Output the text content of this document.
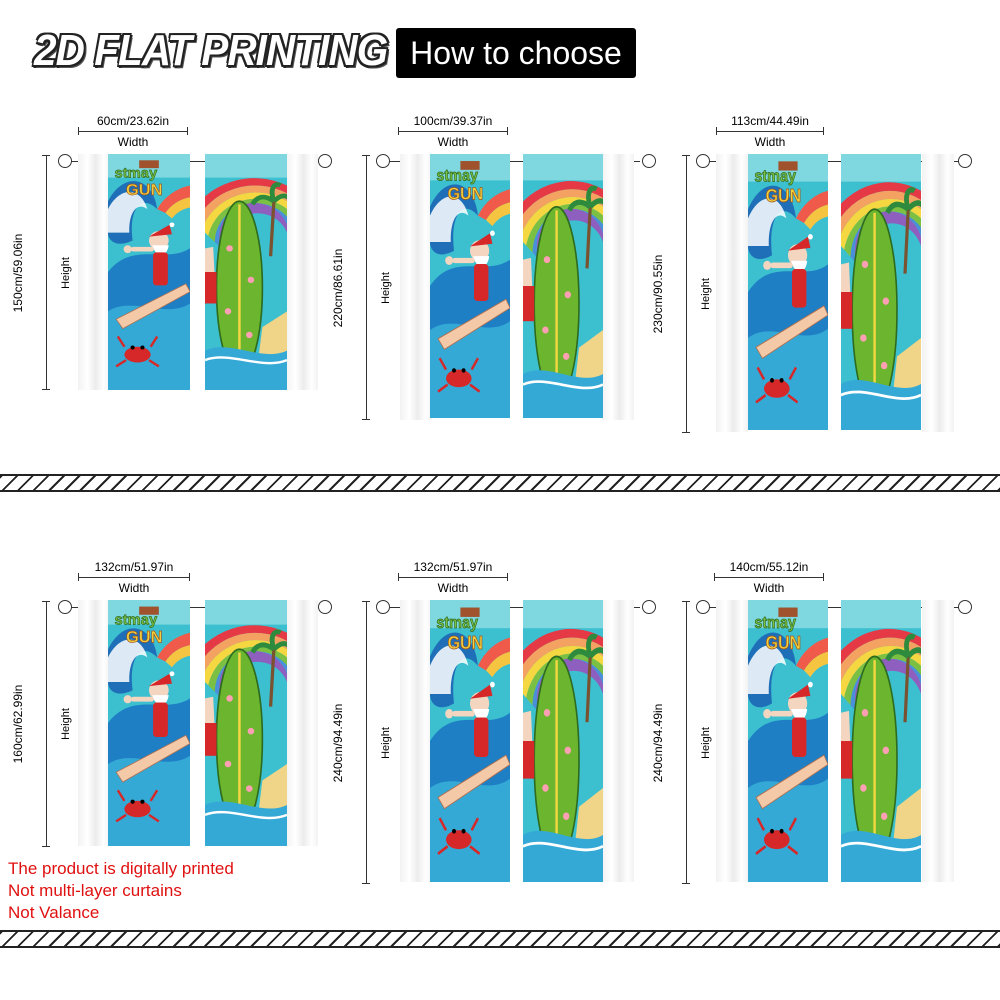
2D FLAT PRINTING How to choose
60cm/23.62in
Width
150cm/59.06in	Height
100cm/39.37in
Width
220cm/86.61in	Height
113cm/44.49in
Width
230cm/90.55in	Height
132cm/51.97in
Width
160cm/62.99in	Height
132cm/51.97in
Width
240cm/94.49in	Height
140cm/55.12in
Width
240cm/94.49in	Height
The product is digitally printed
Not multi-layer curtains
Not Valance
